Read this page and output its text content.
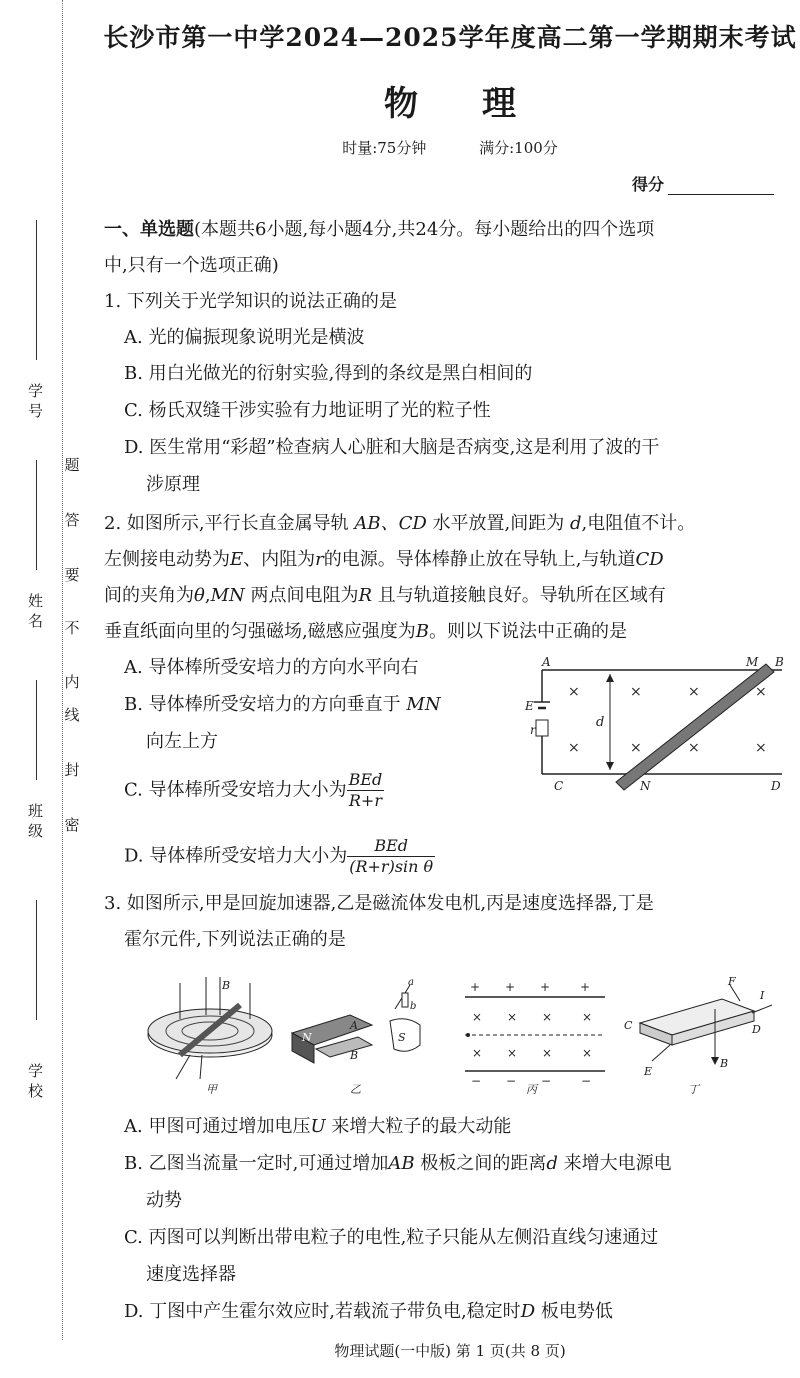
学 号
姓 名
班 级
学 校
密
封
线
内
不
要
答
题
长沙市第一中学2024—2025学年度高二第一学期期末考试
物理
时量:75分钟	满分:100分
得分
一、单选题(本题共6小题,每小题4分,共24分。每小题给出的四个选项
中,只有一个选项正确)
1. 下列关于光学知识的说法正确的是
A. 光的偏振现象说明光是横波
B. 用白光做光的衍射实验,得到的条纹是黑白相间的
C. 杨氏双缝干涉实验有力地证明了光的粒子性
D. 医生常用“彩超”检查病人心脏和大脑是否病变,这是利用了波的干
涉原理
2. 如图所示,平行长直金属导轨 AB、CD 水平放置,间距为 d,电阻值不计。
左侧接电动势为E、内阻为r的电源。导体棒静止放在导轨上,与轨道CD
间的夹角为θ,MN 两点间电阻为R 且与轨道接触良好。导轨所在区域有
垂直纸面向里的匀强磁场,磁感应强度为B。则以下说法中正确的是
A. 导体棒所受安培力的方向水平向右
B. 导体棒所受安培力的方向垂直于 MN
向左上方
C. 导体棒所受安培力大小为 $\frac{\text{BEd}}{R+r}$
D. 导体棒所受安培力大小为 $\frac{\text{BEd}}{\text{(R+r)sin θ}}$
×	×	×	×
×	×	×	×
A	B
M
C	N	D
E
r	d
3. 如图所示,甲是回旋加速器,乙是磁流体发电机,丙是速度选择器,丁是
霍尔元件,下列说法正确的是
B
甲
N
A
B
S
a
b
乙
+ + + +
× × × ×
× × × ×
− − − −
丙
C	D
F
I
E
B
丁
A. 甲图可通过增加电压U 来增大粒子的最大动能
B. 乙图当流量一定时,可通过增加AB 极板之间的距离d 来增大电源电
动势
C. 丙图可以判断出带电粒子的电性,粒子只能从左侧沿直线匀速通过
速度选择器
D. 丁图中产生霍尔效应时,若载流子带负电,稳定时D 板电势低
物理试题(一中版) 第 1 页(共 8 页)
